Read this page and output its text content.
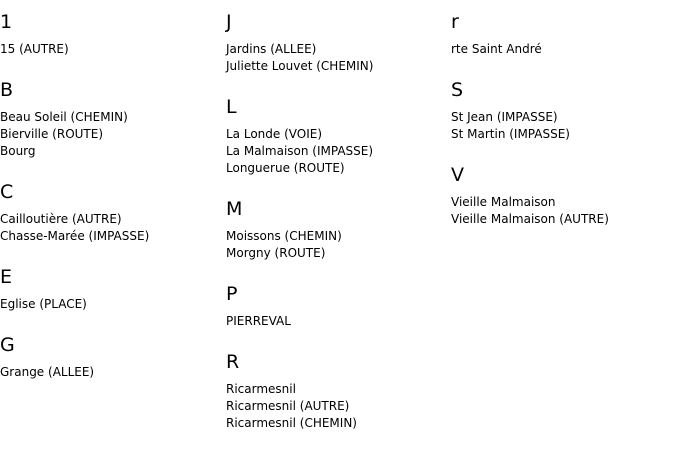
1
15 (AUTRE)
B
Beau Soleil (CHEMIN)
Bierville (ROUTE)
Bourg
C
Cailloutière (AUTRE)
Chasse-Marée (IMPASSE)
E
Eglise (PLACE)
G
Grange (ALLEE)
J
Jardins (ALLEE)
Juliette Louvet (CHEMIN)
L
La Londe (VOIE)
La Malmaison (IMPASSE)
Longuerue (ROUTE)
M
Moissons (CHEMIN)
Morgny (ROUTE)
P
PIERREVAL
R
Ricarmesnil
Ricarmesnil (AUTRE)
Ricarmesnil (CHEMIN)
r
rte Saint André
S
St Jean (IMPASSE)
St Martin (IMPASSE)
V
Vieille Malmaison
Vieille Malmaison (AUTRE)
